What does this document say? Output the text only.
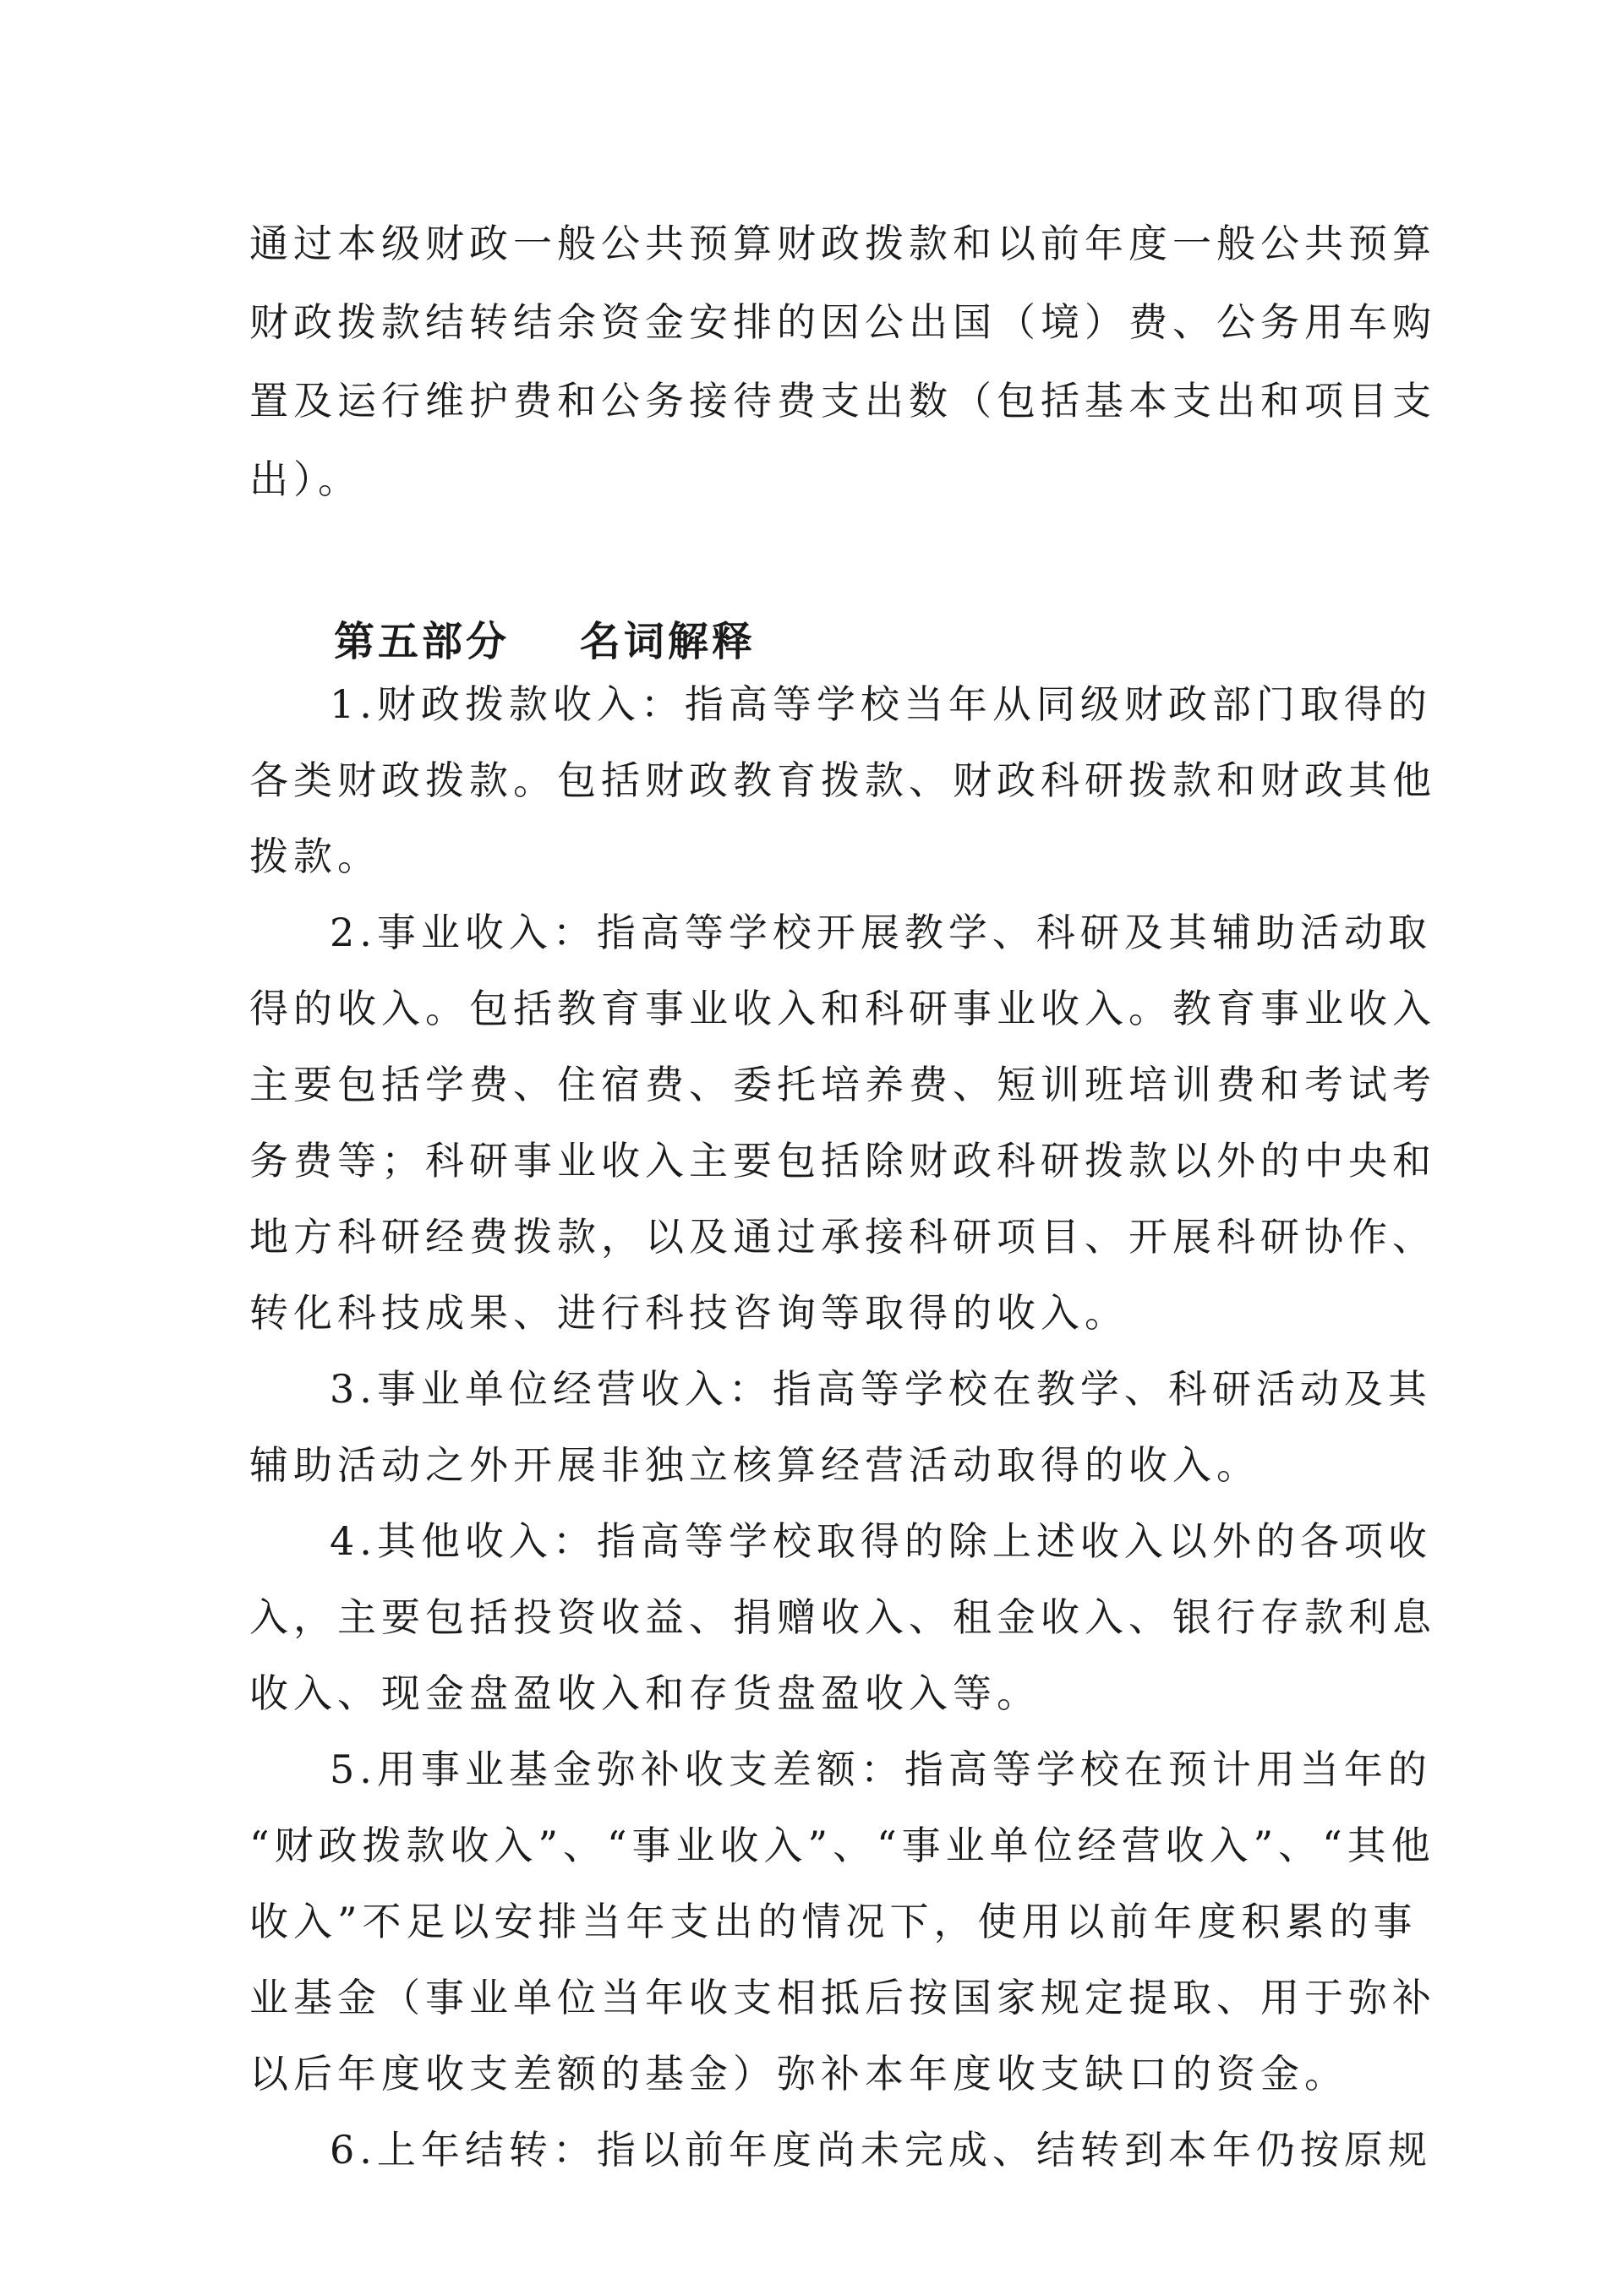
通过本级财政一般公共预算财政拨款和以前年度一般公共预算

财政拨款结转结余资金安排的因公出国（境）费、公务用车购

置及运行维护费和公务接待费支出数（包括基本支出和项目支

出）。

第五部分    名词解释

1.财政拨款收入：指高等学校当年从同级财政部门取得的

各类财政拨款。包括财政教育拨款、财政科研拨款和财政其他

拨款。

2.事业收入：指高等学校开展教学、科研及其辅助活动取

得的收入。包括教育事业收入和科研事业收入。教育事业收入

主要包括学费、住宿费、委托培养费、短训班培训费和考试考

务费等；科研事业收入主要包括除财政科研拨款以外的中央和

地方科研经费拨款，以及通过承接科研项目、开展科研协作、

转化科技成果、进行科技咨询等取得的收入。

3.事业单位经营收入：指高等学校在教学、科研活动及其

辅助活动之外开展非独立核算经营活动取得的收入。

4.其他收入：指高等学校取得的除上述收入以外的各项收

入，主要包括投资收益、捐赠收入、租金收入、银行存款利息

收入、现金盘盈收入和存货盘盈收入等。

5.用事业基金弥补收支差额：指高等学校在预计用当年的

“财政拨款收入”、“事业收入”、“事业单位经营收入”、“其他

收入”不足以安排当年支出的情况下，使用以前年度积累的事

业基金（事业单位当年收支相抵后按国家规定提取、用于弥补

以后年度收支差额的基金）弥补本年度收支缺口的资金。

6.上年结转：指以前年度尚未完成、结转到本年仍按原规
